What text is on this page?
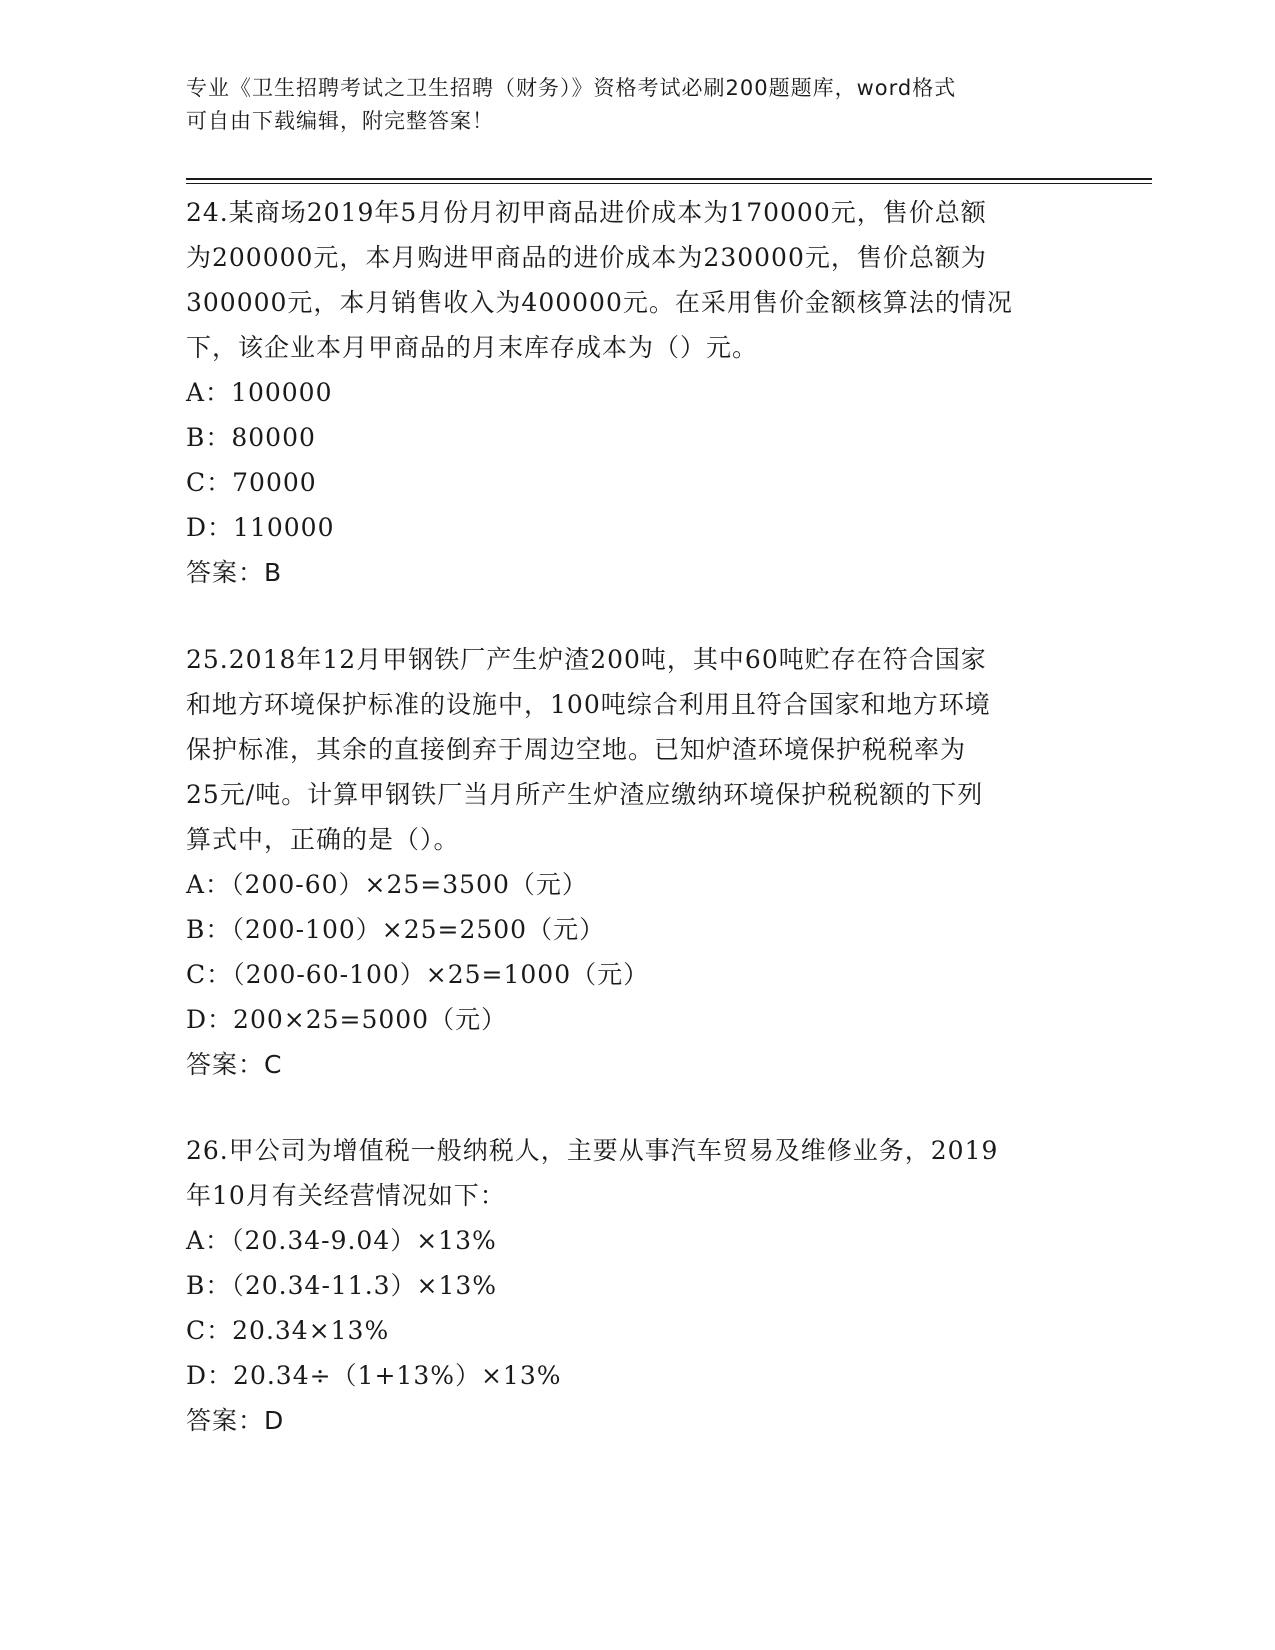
专业《卫生招聘考试之卫生招聘（财务）》资格考试必刷200题题库，word格式
可自由下载编辑，附完整答案！
24.某商场2019年5月份月初甲商品进价成本为170000元，售价总额
为200000元，本月购进甲商品的进价成本为230000元，售价总额为
300000元，本月销售收入为400000元。在采用售价金额核算法的情况
下，该企业本月甲商品的月末库存成本为（）元。
A：100000
B：80000
C：70000
D：110000
答案：B
25.2018年12月甲钢铁厂产生炉渣200吨，其中60吨贮存在符合国家
和地方环境保护标准的设施中，100吨综合利用且符合国家和地方环境
保护标准，其余的直接倒弃于周边空地。已知炉渣环境保护税税率为
25元/吨。计算甲钢铁厂当月所产生炉渣应缴纳环境保护税税额的下列
算式中，正确的是（）。
A：（200-60）×25=3500（元）
B：（200-100）×25=2500（元）
C：（200-60-100）×25=1000（元）
D：200×25=5000（元）
答案：C
26.甲公司为增值税一般纳税人，主要从事汽车贸易及维修业务，2019
年10月有关经营情况如下：
A：（20.34-9.04）×13%
B：（20.34-11.3）×13%
C：20.34×13%
D：20.34÷（1+13%）×13%
答案：D
